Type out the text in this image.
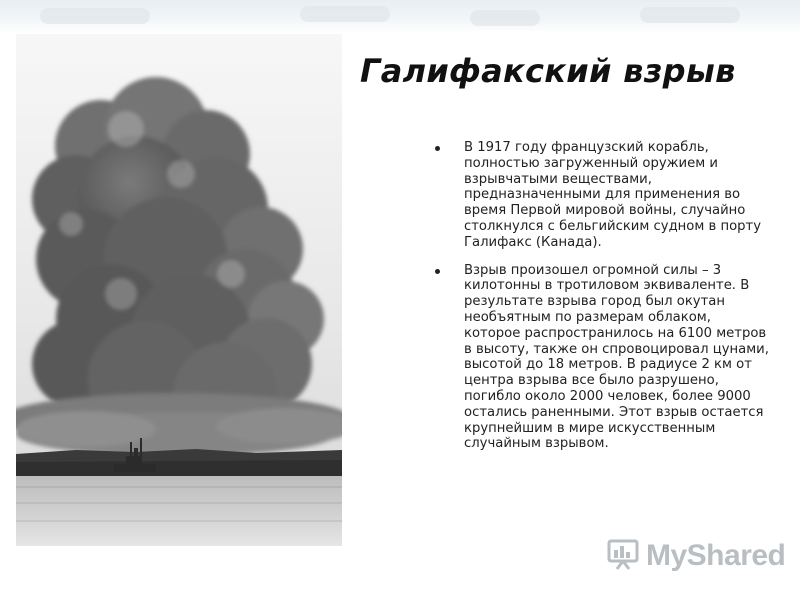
Галифакский взрыв
В 1917 году французский корабль, полностью загруженный оружием и взрывчатыми веществами, предназначенными для применения во время Первой мировой войны, случайно столкнулся с бельгийским судном в порту Галифакс (Канада).
Взрыв произошел огромной силы – 3 килотонны в тротиловом эквиваленте. В результате взрыва город был окутан необъятным по размерам облаком, которое распространилось на 6100 метров в высоту, также он спровоцировал цунами, высотой до 18 метров. В радиусе 2 км от центра взрыва все было разрушено, погибло около 2000 человек, более 9000 остались раненными. Этот взрыв остается крупнейшим в мире искусственным случайным взрывом.
MyShared
